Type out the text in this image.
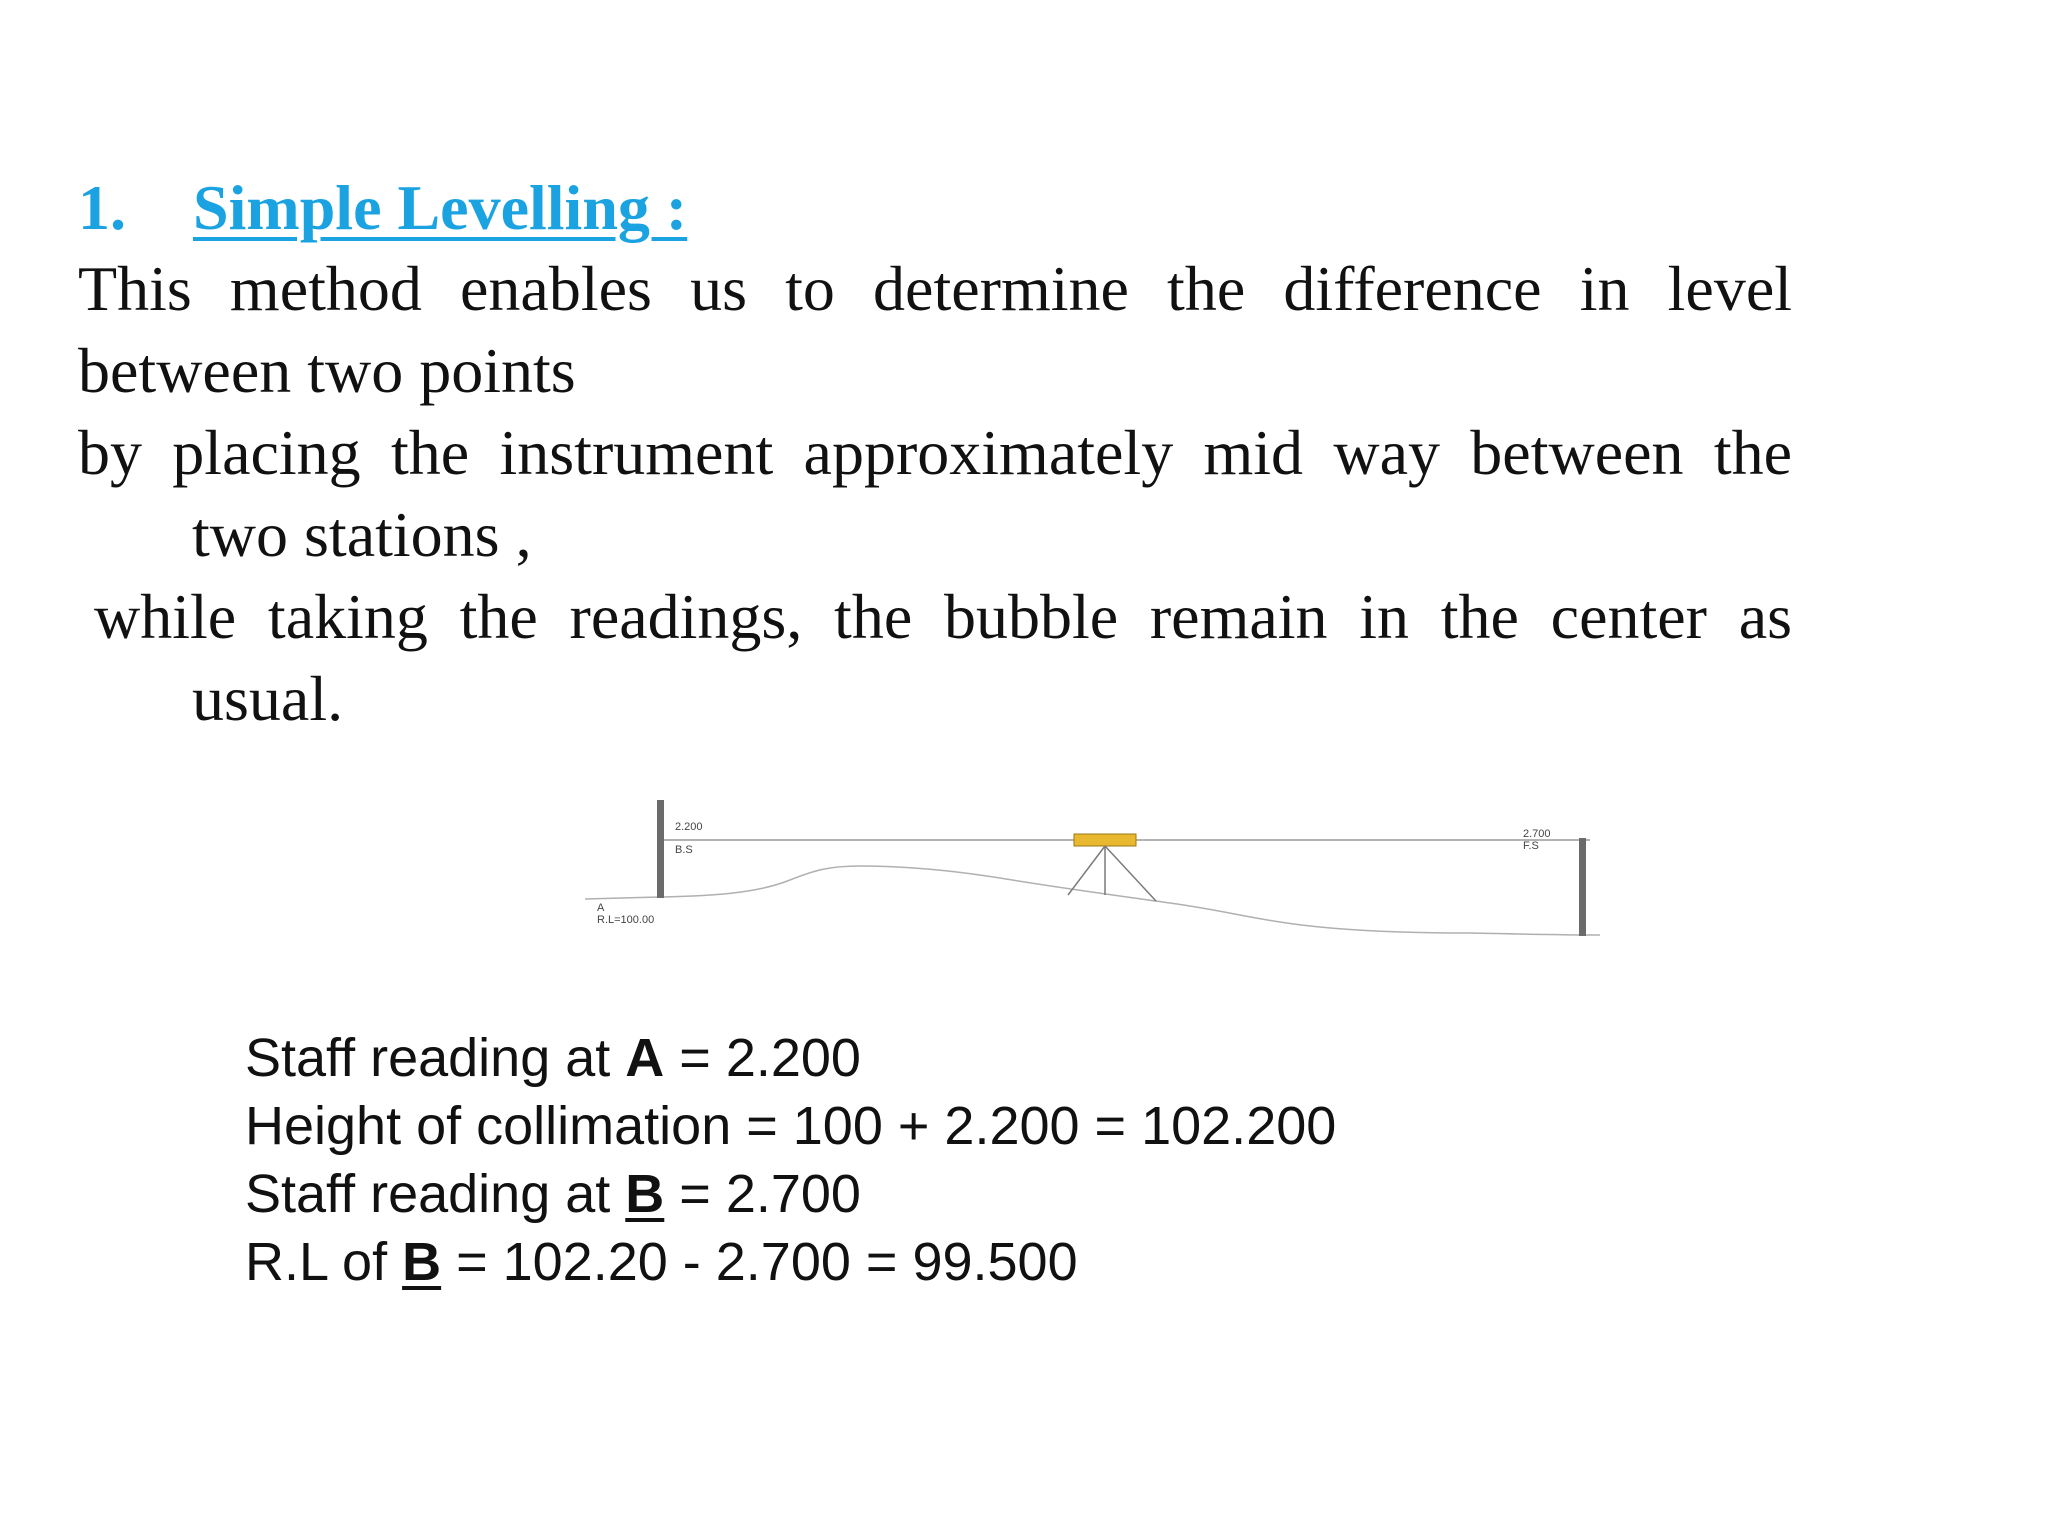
1. Simple Levelling :
This method enables us to determine the difference in level
between two points
by placing the instrument approximately mid way between the
two stations ,
while taking the readings, the bubble remain in the center as
usual.
2.200
B.S
2.700
F.S
A
R.L=100.00
Staff reading at A = 2.200
Height of collimation = 100 + 2.200 = 102.200
Staff reading at B = 2.700
R.L of B = 102.20 - 2.700 = 99.500
